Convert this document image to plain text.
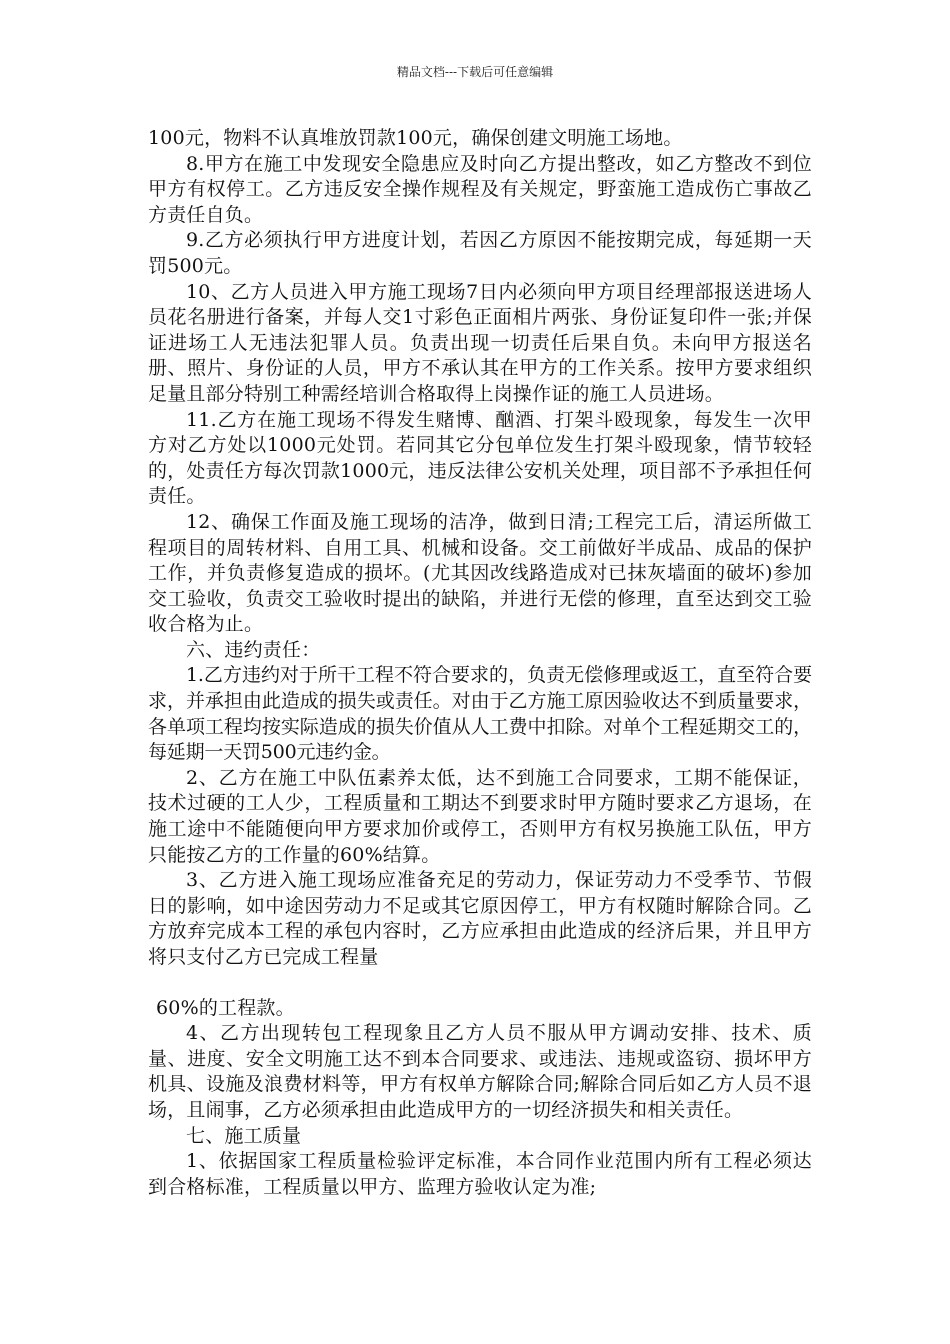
精品文档---下载后可任意编辑

100元，物料不认真堆放罚款100元，确保创建文明施工场地。

8.甲方在施工中发现安全隐患应及时向乙方提出整改，如乙方整改不到位甲方有权停工。乙方违反安全操作规程及有关规定，野蛮施工造成伤亡事故乙方责任自负。

9.乙方必须执行甲方进度计划，若因乙方原因不能按期完成，每延期一天罚500元。

10、乙方人员进入甲方施工现场7日内必须向甲方项目经理部报送进场人员花名册进行备案，并每人交1寸彩色正面相片两张、身份证复印件一张;并保证进场工人无违法犯罪人员。负责出现一切责任后果自负。未向甲方报送名册、照片、身份证的人员，甲方不承认其在甲方的工作关系。按甲方要求组织足量且部分特别工种需经培训合格取得上岗操作证的施工人员进场。

11.乙方在施工现场不得发生赌博、酗酒、打架斗殴现象，每发生一次甲方对乙方处以1000元处罚。若同其它分包单位发生打架斗殴现象，情节较轻的，处责任方每次罚款1000元，违反法律公安机关处理，项目部不予承担任何责任。

12、确保工作面及施工现场的洁净，做到日清;工程完工后，清运所做工程项目的周转材料、自用工具、机械和设备。交工前做好半成品、成品的保护工作，并负责修复造成的损坏。(尤其因改线路造成对已抹灰墙面的破坏)参加交工验收，负责交工验收时提出的缺陷，并进行无偿的修理，直至达到交工验收合格为止。

六、违约责任：

1.乙方违约对于所干工程不符合要求的，负责无偿修理或返工，直至符合要求，并承担由此造成的损失或责任。对由于乙方施工原因验收达不到质量要求，各单项工程均按实际造成的损失价值从人工费中扣除。对单个工程延期交工的，每延期一天罚500元违约金。

2、乙方在施工中队伍素养太低，达不到施工合同要求，工期不能保证，技术过硬的工人少，工程质量和工期达不到要求时甲方随时要求乙方退场，在施工途中不能随便向甲方要求加价或停工，否则甲方有权另换施工队伍，甲方只能按乙方的工作量的60%结算。

3、乙方进入施工现场应准备充足的劳动力，保证劳动力不受季节、节假日的影响，如中途因劳动力不足或其它原因停工，甲方有权随时解除合同。乙方放弃完成本工程的承包内容时，乙方应承担由此造成的经济后果，并且甲方将只支付乙方已完成工程量

60%的工程款。

4、乙方出现转包工程现象且乙方人员不服从甲方调动安排、技术、质量、进度、安全文明施工达不到本合同要求、或违法、违规或盗窃、损坏甲方机具、设施及浪费材料等，甲方有权单方解除合同;解除合同后如乙方人员不退场，且闹事，乙方必须承担由此造成甲方的一切经济损失和相关责任。

七、施工质量

1、依据国家工程质量检验评定标准，本合同作业范围内所有工程必须达到合格标准，工程质量以甲方、监理方验收认定为准;
